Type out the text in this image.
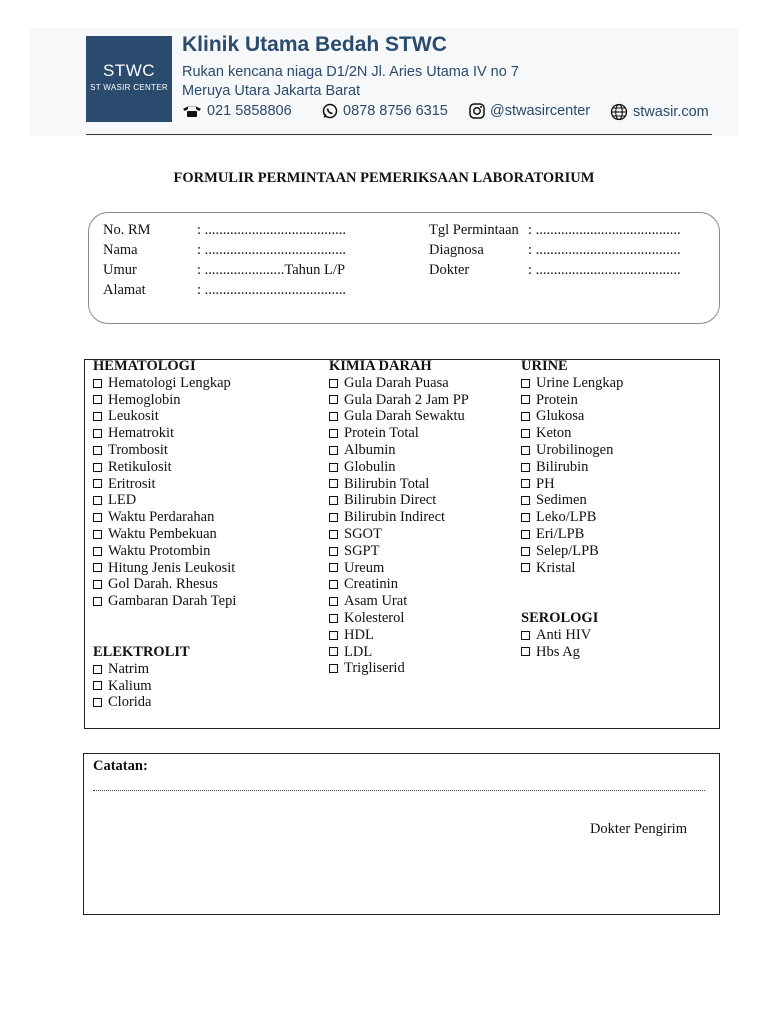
STWC
ST WASIR CENTER
Klinik Utama Bedah STWC
Rukan kencana niaga D1/2N Jl. Aries Utama IV no 7
Meruya Utara Jakarta Barat
021 5858806	0878 8756 6315	@stwasircenter	stwasir.com
FORMULIR PERMINTAAN PEMERIKSAAN LABORATORIUM
No. RM	: .......................................
Nama	: .......................................
Umur	: ......................Tahun L/P
Alamat	: .......................................
Tgl Permintaan : ........................................
Diagnosa	: ........................................
Dokter	: ........................................
HEMATOLOGI
Hematologi Lengkap
Hemoglobin
Leukosit
Hematrokit
Trombosit
Retikulosit
Eritrosit
LED
Waktu Perdarahan
Waktu Pembekuan
Waktu Protombin
Hitung Jenis Leukosit
Gol Darah. Rhesus
Gambaran Darah Tepi
ELEKTROLIT
Natrim
Kalium
Clorida
KIMIA DARAH
Gula Darah Puasa
Gula Darah 2 Jam PP
Gula Darah Sewaktu
Protein Total
Albumin
Globulin
Bilirubin Total
Bilirubin Direct
Bilirubin Indirect
SGOT
SGPT
Ureum
Creatinin
Asam Urat
Kolesterol
HDL
LDL
Trigliserid
URINE
Urine Lengkap
Protein
Glukosa
Keton
Urobilinogen
Bilirubin
PH
Sedimen
Leko/LPB
Eri/LPB
Selep/LPB
Kristal
SEROLOGI
Anti HIV
Hbs Ag
Catatan:
Dokter Pengirim
